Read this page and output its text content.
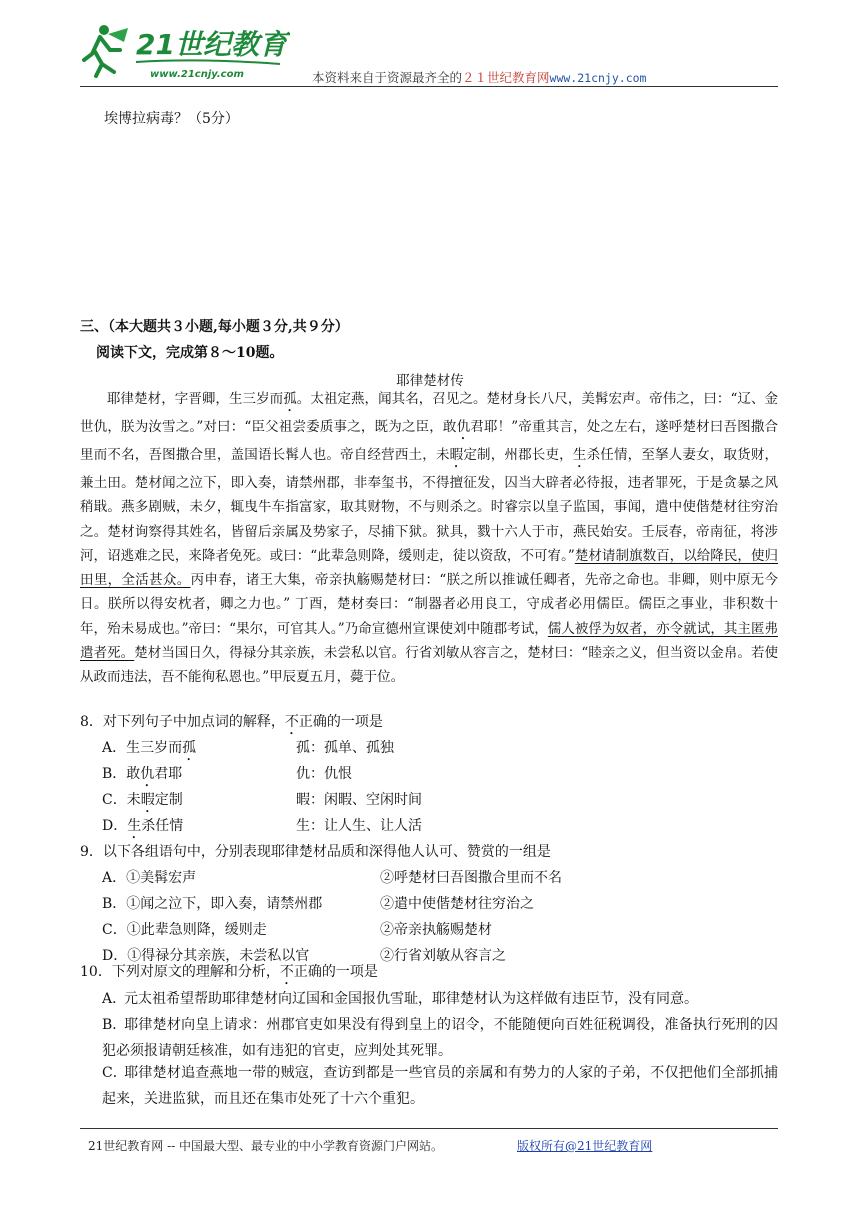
21世纪教育
www.21cnjy.com	本资料来自于资源最齐全的２１世纪教育网www.21cnjy.com
埃博拉病毒？（5分）
三、（本大题共３小题,每小题３分,共９分）
阅读下文，完成第８～10题。
耶律楚材传

耶律楚材，字晋卿，生三岁而孤。太祖定燕，闻其名，召见之。楚材身长八尺，美髯宏声。帝伟之，曰：“辽、金世仇，朕为汝雪之。”对曰：“臣父祖尝委质事之，既为之臣，敢仇君耶！”帝重其言，处之左右，遂呼楚材曰吾图撒合里而不名，吾图撒合里，盖国语长髯人也。帝自经营西土，未暇定制，州郡长吏，生杀任情，至拏人妻女，取货财，兼土田。楚材闻之泣下，即入奏，请禁州郡，非奉玺书，不得擅征发，囚当大辟者必待报，违者罪死，于是贪暴之风稍戢。燕多剧贼，未夕，辄曳牛车指富家，取其财物，不与则杀之。时睿宗以皇子监国，事闻，遣中使偕楚材往穷治之。楚材询察得其姓名，皆留后亲属及势家子，尽捕下狱。狱具，戮十六人于市，燕民始安。壬辰春，帝南征，将涉河，诏逃难之民，来降者免死。或曰：“此辈急则降，缓则走，徒以资敌，不可宥。”楚材请制旗数百，以给降民，使归田里，全活甚众。丙申春，诸王大集，帝亲执觞赐楚材曰：“朕之所以推诚任卿者，先帝之命也。非卿，则中原无今日。朕所以得安枕者，卿之力也。” 丁酉，楚材奏曰：“制器者必用良工，守成者必用儒臣。儒臣之事业，非积数十年，殆未易成也。”帝曰：“果尔，可官其人。”乃命宣德州宣课使刘中随郡考试，儒人被俘为奴者，亦令就试，其主匿弗遣者死。楚材当国日久，得禄分其亲族，未尝私以官。行省刘敏从容言之，楚材曰：“睦亲之义，但当资以金帛。若使从政而违法，吾不能徇私恩也。”甲辰夏五月，薨于位。

8．对下列句子中加点词的解释，不正确的一项是
A．生三岁而孤	孤：孤单、孤独
B．敢仇君耶	仇：仇恨
C．未暇定制	暇：闲暇、空闲时间
D．生杀任情	生：让人生、让人活
9．以下各组语句中，分别表现耶律楚材品质和深得他人认可、赞赏的一组是
A．①美髯宏声	②呼楚材曰吾图撒合里而不名
B．①闻之泣下，即入奏，请禁州郡	②遣中使偕楚材往穷治之
C．①此辈急则降，缓则走	②帝亲执觞赐楚材
D．①得禄分其亲族，未尝私以官	②行省刘敏从容言之
10．下列对原文的理解和分析，不正确的一项是
A．元太祖希望帮助耶律楚材向辽国和金国报仇雪耻，耶律楚材认为这样做有违臣节，没有同意。
B．耶律楚材向皇上请求：州郡官吏如果没有得到皇上的诏令，不能随便向百姓征税调役，准备执行死刑的囚犯必须报请朝廷核准，如有违犯的官吏，应判处其死罪。
C．耶律楚材追查燕地一带的贼寇，查访到都是一些官员的亲属和有势力的人家的子弟，不仅把他们全部抓捕起来，关进监狱，而且还在集市处死了十六个重犯。
21世纪教育网 -- 中国最大型、最专业的中小学教育资源门户网站。	版权所有@21世纪教育网
